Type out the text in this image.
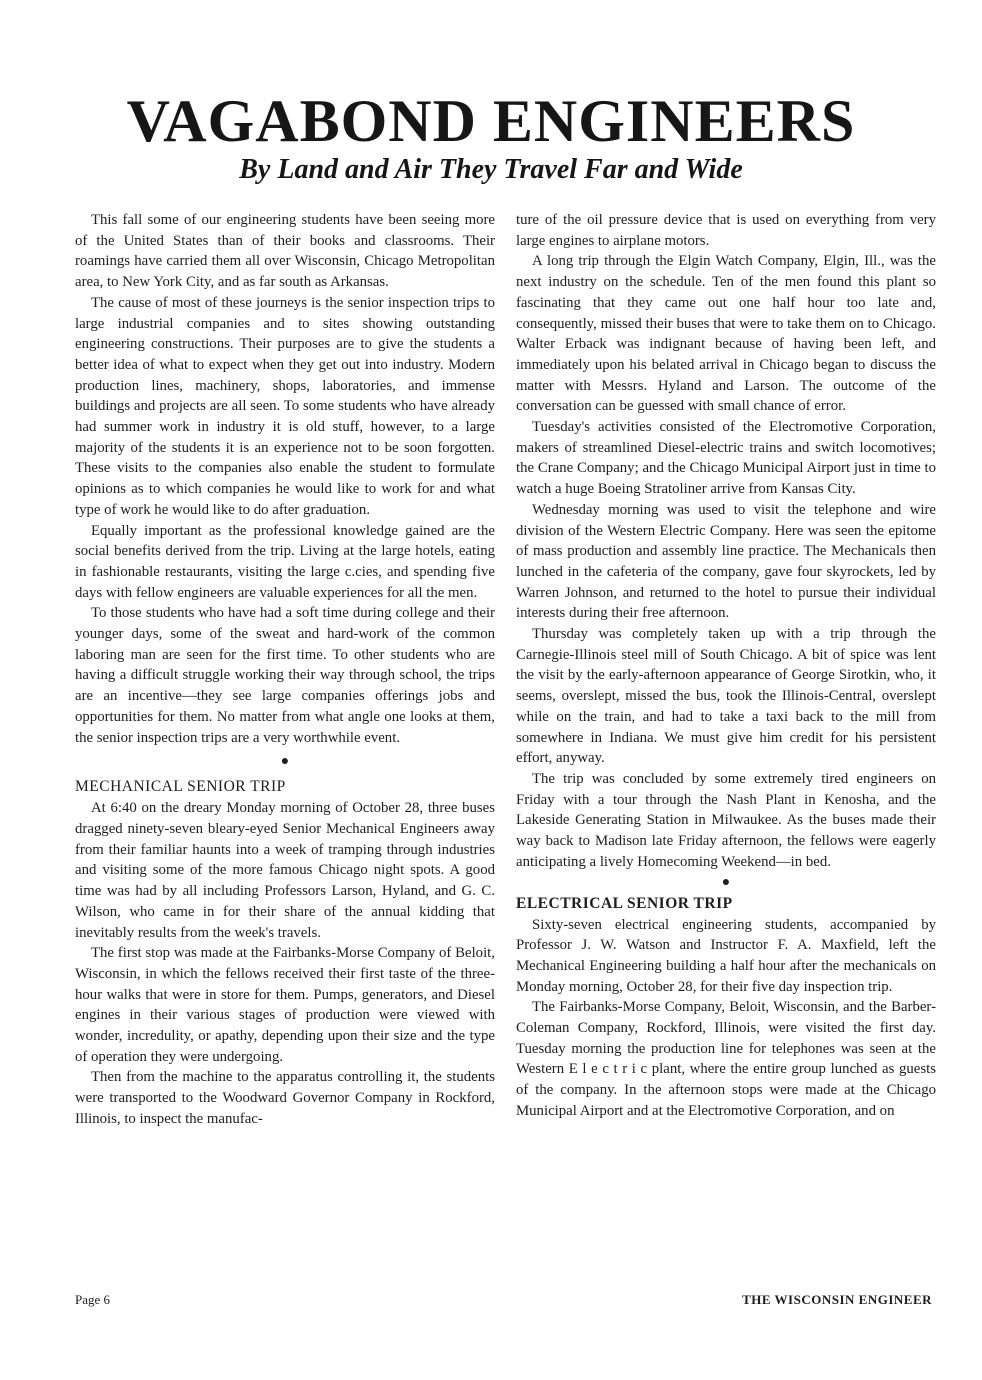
VAGABOND ENGINEERS
By Land and Air They Travel Far and Wide

This fall some of our engineering students have been seeing more of the United States than of their books and classrooms. Their roamings have carried them all over Wisconsin, Chicago Metropolitan area, to New York City, and as far south as Arkansas.

The cause of most of these journeys is the senior inspection trips to large industrial companies and to sites showing outstanding engineering constructions. Their purposes are to give the students a better idea of what to expect when they get out into industry. Modern production lines, machinery, shops, laboratories, and immense buildings and projects are all seen. To some students who have already had summer work in industry it is old stuff, however, to a large majority of the students it is an experience not to be soon forgotten. These visits to the companies also enable the student to formulate opinions as to which companies he would like to work for and what type of work he would like to do after graduation.

Equally important as the professional knowledge gained are the social benefits derived from the trip. Living at the large hotels, eating in fashionable restaurants, visiting the large c.cies, and spending five days with fellow engineers are valuable experiences for all the men.

To those students who have had a soft time during college and their younger days, some of the sweat and hard-work of the common laboring man are seen for the first time. To other students who are having a difficult struggle working their way through school, the trips are an incentive—they see large companies offerings jobs and opportunities for them. No matter from what angle one looks at them, the senior inspection trips are a very worthwhile event.

●
MECHANICAL SENIOR TRIP

At 6:40 on the dreary Monday morning of October 28, three buses dragged ninety-seven bleary-eyed Senior Mechanical Engineers away from their familiar haunts into a week of tramping through industries and visiting some of the more famous Chicago night spots. A good time was had by all including Professors Larson, Hyland, and G. C. Wilson, who came in for their share of the annual kidding that inevitably results from the week's travels.

The first stop was made at the Fairbanks-Morse Company of Beloit, Wisconsin, in which the fellows received their first taste of the three-hour walks that were in store for them. Pumps, generators, and Diesel engines in their various stages of production were viewed with wonder, incredulity, or apathy, depending upon their size and the type of operation they were undergoing.

Then from the machine to the apparatus controlling it, the students were transported to the Woodward Governor Company in Rockford, Illinois, to inspect the manufac-

ture of the oil pressure device that is used on everything from very large engines to airplane motors.

A long trip through the Elgin Watch Company, Elgin, Ill., was the next industry on the schedule. Ten of the men found this plant so fascinating that they came out one half hour too late and, consequently, missed their buses that were to take them on to Chicago. Walter Erback was indignant because of having been left, and immediately upon his belated arrival in Chicago began to discuss the matter with Messrs. Hyland and Larson. The outcome of the conversation can be guessed with small chance of error.

Tuesday's activities consisted of the Electromotive Corporation, makers of streamlined Diesel-electric trains and switch locomotives; the Crane Company; and the Chicago Municipal Airport just in time to watch a huge Boeing Stratoliner arrive from Kansas City.

Wednesday morning was used to visit the telephone and wire division of the Western Electric Company. Here was seen the epitome of mass production and assembly line practice. The Mechanicals then lunched in the cafeteria of the company, gave four skyrockets, led by Warren Johnson, and returned to the hotel to pursue their individual interests during their free afternoon.

Thursday was completely taken up with a trip through the Carnegie-Illinois steel mill of South Chicago. A bit of spice was lent the visit by the early-afternoon appearance of George Sirotkin, who, it seems, overslept, missed the bus, took the Illinois-Central, overslept while on the train, and had to take a taxi back to the mill from somewhere in Indiana. We must give him credit for his persistent effort, anyway.

The trip was concluded by some extremely tired engineers on Friday with a tour through the Nash Plant in Kenosha, and the Lakeside Generating Station in Milwaukee. As the buses made their way back to Madison late Friday afternoon, the fellows were eagerly anticipating a lively Homecoming Weekend—in bed.

●
ELECTRICAL SENIOR TRIP

Sixty-seven electrical engineering students, accompanied by Professor J. W. Watson and Instructor F. A. Maxfield, left the Mechanical Engineering building a half hour after the mechanicals on Monday morning, October 28, for their five day inspection trip.

The Fairbanks-Morse Company, Beloit, Wisconsin, and the Barber-Coleman Company, Rockford, Illinois, were visited the first day. Tuesday morning the production line for telephones was seen at the Western E l e c t r i c plant, where the entire group lunched as guests of the company. In the afternoon stops were made at the Chicago Municipal Airport and at the Electromotive Corporation, and on

Page 6	THE WISCONSIN ENGINEER
